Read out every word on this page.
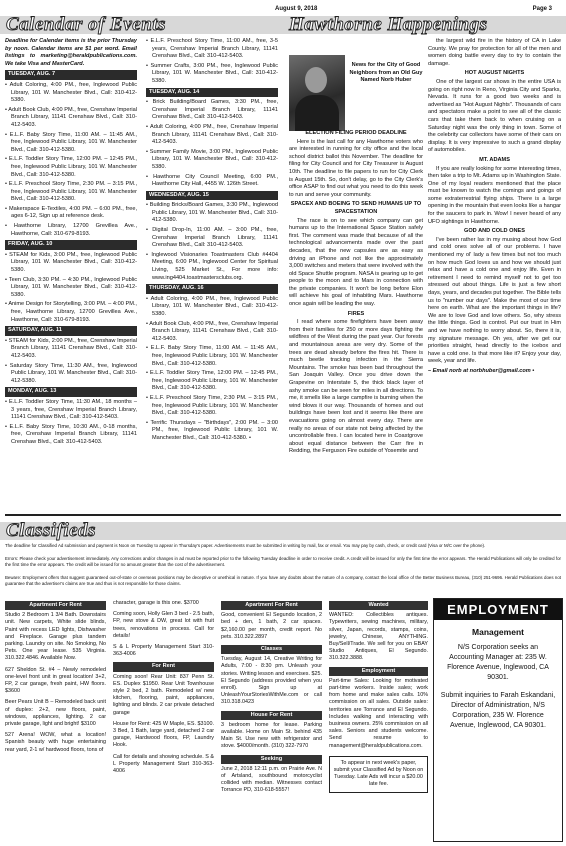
August 9, 2018	Page 3
Calendar of Events	Hawthorne Happenings

Deadline for Calendar items is the prior Thursday by noon. Calendar items are $1 per word. Email listings to marketing@heraldpublications.com. We take Visa and MasterCard.

TUESDAY, AUG. 7

• Adult Coloring, 4:00 PM., free, Inglewood Public Library, 101 W. Manchester Blvd., Call: 310-412-5380.

• Adult Book Club, 4:00 PM., free, Crenshaw Imperial Branch Library, 11141 Crenshaw Blvd., Call: 310-412-5403.

• E.L.F. Baby Story Time, 11:00 AM. – 11:45 AM., free, Inglewood Public Library, 101 W. Manchester Blvd., Call: 310-412-5380.

• E.L.F. Toddler Story Time, 12:00 PM. – 12:45 PM., free, Inglewood Public Library, 101 W. Manchester Blvd., Call: 310-412-5380.

• E.L.F. Preschool Story Time, 2:30 PM. – 3:15 PM., free, Inglewood Public Library, 101 W. Manchester Blvd., Call: 310-412-5380.

• Makerspace E-Textiles, 4:00 PM. – 6:00 PM., free, ages 6-12, Sign up at reference desk.

• Hawthorne Library, 12700 Grevillea Ave., Hawthorne, Call: 310-679-8193.

FRIDAY, AUG. 10

• STEAM for Kids, 3:00 PM., free, Inglewood Public Library, 101 W. Manchester Blvd., Call: 310-412-5380.

• Teen Club, 3:30 PM. – 4:30 PM., Inglewood Public Library, 101 W. Manchester Blvd., Call: 310-412-5380.

• Anime Design for Storytelling, 3:00 PM. – 4:00 PM., free, Hawthorne Library, 12700 Grevillea Ave., Hawthorne, Call: 310-679-8193.

SATURDAY, AUG. 11

• STEAM for Kids, 2:00 PM., free, Crenshaw Imperial Branch Library, 11141 Crenshaw Blvd., Call: 310-412-5403.

• Saturday Story Time, 11:30 AM., free, Inglewood Public Library, 101 W. Manchester Blvd., Call: 310-412-5380.

MONDAY, AUG. 13

• E.L.F. Toddler Story Time, 11:30 AM., 18 months – 3 years, free, Crenshaw Imperial Branch Library, 11141 Crenshaw Blvd., Call: 310-412-5403.

• E.L.F. Baby Story Time, 10:30 AM., 0-18 months, free, Crenshaw Imperial Branch Library, 11141 Crenshaw Blvd., Call: 310-412-5403.

• E.L.F. Preschool Story Time, 11:00 AM., free, 3-5 years, Crenshaw Imperial Branch Library, 11141 Crenshaw Blvd., Call: 310-412-5403.

• Summer Crafts, 3:00 PM., free, Inglewood Public Library, 101 W. Manchester Blvd., Call: 310-412-5380.

TUESDAY, AUG. 14

• Brick Building/Board Games, 3:30 PM., free, Crenshaw Imperial Branch Library, 11141 Crenshaw Blvd., Call: 310-412-5403.

• Adult Coloring, 4:00 PM., free, Crenshaw Imperial Branch Library, 11141 Crenshaw Blvd., Call: 310-412-5403.

• Summer Family Movie, 3:00 PM., Inglewood Public Library, 101 W. Manchester Blvd., Call: 310-412-5380.

• Hawthorne City Council Meeting, 6:00 PM., Hawthorne City Hall, 4455 W. 126th Street.

WEDNESDAY, AUG. 15

• Building Bricks/Board Games, 3:30 PM., Inglewood Public Library, 101 W. Manchester Blvd., Call: 310-412-5380.

• Digital Drop-In, 11:00 AM. – 3:00 PM., free, Crenshaw Imperial Branch Library, 11141 Crenshaw Blvd., Call: 310-412-5403.

• Inglewood Visionaries Toastmasters Club #4404 Meeting, 6:00 PM., Inglewood Center for Spiritual Living, 525 Market St., For more info: www.ing4404.toastmastersclubs.org.

THURSDAY, AUG. 16

• Adult Coloring, 4:00 PM., free, Inglewood Public Library, 101 W. Manchester Blvd., Call: 310-412-5380.

• Adult Book Club, 4:00 PM., free, Crenshaw Imperial Branch Library, 11141 Crenshaw Blvd., Call: 310-412-5403.

• E.L.F. Baby Story Time, 11:00 AM. – 11:45 AM., free, Inglewood Public Library, 101 W. Manchester Blvd., Call: 310-412-5380.

• E.L.F. Toddler Story Time, 12:00 PM. – 12:45 PM., free, Inglewood Public Library, 101 W. Manchester Blvd., Call: 310-412-5380.

• E.L.F. Preschool Story Time, 2:30 PM. – 3:15 PM., free, Inglewood Public Library, 101 W. Manchester Blvd., Call: 310-412-5380.

• Terrific Thursdays – "Birthdays", 2:00 PM. – 3:00 PM., free, Inglewood Public Library, 101 W. Manchester Blvd., Call: 310-412-5380. •

News for the City of Good Neighbors from an Old Guy Named Norb Huber

ELECTION FILING PERIOD DEADLINE

Here is the last call for any Hawthorne voters who are interested in running for city office and the local school district ballot this November. The deadline for filing for City Council and for City Treasurer is August 10th. The deadline to file papers to run for City Clerk is August 15th. So, don't delay, go to the City Clerk's office ASAP to find out what you need to do this week to run and serve your community.

SPACEX AND BOEING TO SEND HUMANS UP TO SPACESTATION

The race is on to see which company can get humans up to the International Space Station safely first. The comment was made that because of all the technological advancements made over the past decades, that the new capsules are as easy as driving an iPhone and not like the approximately 3,000 switches and meters that were involved with the old Space Shuttle program. NASA is gearing up to get people to the moon and to Mars in connection with the private companies. It won't be long before Elon will achieve his goal of inhabiting Mars. Hawthorne once again will be leading the way.

FIRES

I read where some firefighters have been away from their families for 250 or more days fighting the wildfires of the West during the past year. Our forests and mountainous areas are very dry. Some of the trees are dead already before the fires hit. There is much beetle tracking infection in the Sierra Mountains. The smoke has been bad throughout the San Joaquin Valley. Once you drive down the Grapevine on Interstate 5, the thick black layer of ashy smoke can be seen for miles in all directions. To me, it smells like a large campfire is burning when the wind blows it our way. Thousands of homes and out buildings have been lost and it seems like there are evacuations going on almost every day. There are really no areas of our state not being affected by the uncontrollable fires. I can located here in Coastgrove about equal distance between the Carr fire in Redding, the Ferguson Fire outside of Yosemite and

the largest wild fire in the history of CA in Lake County. We pray for protection for all of the men and women doing battle every day to try to contain the damage.

HOT AUGUST NIGHTS

One of the largest car shows in the entire USA is going on right now in Reno, Virginia City and Sparks, Nevada. It runs for a good two weeks and is advertised as "Hot August Nights". Thousands of cars and spectators make a point to see all of the classic cars that take them back to when cruising on a Saturday night was the only thing in town. Some of the celebrity car collectors have some of their cars on display. It is very impressive to such a grand display of automobiles.

MT. ADAMS

If you are really looking for some interesting times, then take a trip to Mt. Adams up in Washington State. One of my loyal readers mentioned that the place must be known to watch the comings and goings of some extraterrestrial flying ships. There is a large opening in the mountain that even looks like a hangar for the saucers to park in. Wow! I never heard of any UFO sightings in Hawthorne.

GOD AND COLD ONES

I've been rather lax in my musing about how God and cold ones solve all of our problems. I have mentioned my ol' lady a few times but not too much on how much God loves us and how we should just relax and have a cold one and enjoy life. Even in retirement I need to remind myself not to get too stressed out about things. Life is just a few short days, years, and decades put together. The Bible tells us to "number our days". Make the most of our time here on earth. What are the important things in life? We are to love God and love others. So, why stress the little things. God is control. Put our trust in Him and we have nothing to worry about. So, there it is, my signature message. Oh yes, after we get our priorities straight, head directly to the icebox and have a cold one. Is that more like it? Enjoy your day, week, year and life.

– Email norb at norbhuber@gmail.com •

Classifieds
The deadline for Classified Ad submission and payment is Noon on Tuesday to appear in Thursday's paper. Advertisements must be submitted in writing by mail, fax or email. You may pay by cash, check, or credit card (Visa or M/C over the phone).
Errors: Please check your advertisement immediately. Any corrections and/or changes in ad must be reported prior to the following Tuesday deadline in order to receive credit. A credit will be issued for only the first time the error appears. The Herald Publications will only be credited for the first time the error appears. The credit will be issued for no amount greater than the cost of the advertisement.
Beware: Employment offers that suggest guaranteed out-of-state or overseas positions may be deceptive or unethical in nature. If you have any doubts about the nature of a company, contact the local office of the Better Business Bureau, (310) 251-9696. Herald Publications does not guarantee that the advertiser's claims are true and thus is not responsible for those claims.
Apartment For Rent

Studio 2 Bedroom 1 3/4 Bath. Downstairs unit. New carpets, White slide blinds, Paint with recess LED lights, Dishwasher and Fireplace. Garage plus tandem parking. Laundry on site. No Smoking, No Pets. One year lease. 535 Virginia. 310.322.4846. Available Now.

627 Sheldon St. #4 – Newly remodeled one-level front unit in great location! 3+2, FP, 2 car garage, fresh paint, HW floors. $3600

Beer Pears Unit B – Remodeled back unit of duplex: 2+2, new floors, paint, windows, appliances, lighting. 2 car private garage, light and bright! $3100

527 Arena! WOW, what a location! Spanish beauty with huge entertaining rear yard, 2-1 w/ hardwood floors, tons of

character, garage is this one. $3700

Coming soon, Holly Glen 3 bed - 2.5 bath, FP, new stove & DW, great lot with fruit trees, renovations in process. Call for details!

S & L Property Management Start 310-363-4006

For Rent

Coming soon! Rear Unit: 837 Penn St. ES. Duplex $1950. Rear Unit Townhouse style 2 bed, 2 bath. Remodeled w/ new kitchen, flooring, paint, appliances, lighting and blinds. 2 car private detached garage

House for Rent: 425 W Maple, ES. $3100. 3 Bed, 1 Bath, large yard, detached 2 car garage, Hardwood floors, FP, Laundry Hook.

Call for details and showing schedule. S & L Property Management Start 310-363-4006

Apartment For Rent

Good, convenient El Segundo location, 2 bed + den, 1 bath, 2 car spaces. $2,160.00 per month, credit report. No pets. 310.322.2897

Classes

Tuesday, August 14, Creative Writing for Adults, 7:00 - 8:30 pm. Unleash your stories. Writing lesson and exercises. $25. El Segundo (address provided when you enroll). Sign up at UnleashYourStoriesWithMe.com or call 310.318.0423

House For Rent

3 bedroom home for lease. Parking available. Home on Main St. behind 435 Main St. Use new with refrigerator and stove. $4000/month. (310) 322-7970

Seeking

June 2, 2018 12:11 p.m. on Prairie Ave. N of Artsland, southbound motorcyclist collided with median. Witnesses contact Torrance PD, 310-618-5557!

Wanted

WANTED: Collectibles antiques. Typewriters, sewing machines, military, silver, Japan, records, stamps, coins, jewelry, Chinese, ANYTHING. Buy/Sell/Trade. We sell for you on EBAY Studio Antiques, El Segundo. 310.322.3888.

Employment

Part-time Sales: Looking for motivated part-time workers. Inside sales; work from home and make sales calls. 10% commission on all sales. Outside sales: territories are Torrance and El Segundo. Includes walking and interacting with business owners. 25% commission on all sales. Seniors and students welcome. Send resume to management@heraldpublications.com.

To appear in next week's paper, submit your Classified Ad by Noon on Tuesday. Late Ads will incur a $20.00 late fee.
EMPLOYMENT
Management
N/S Corporation seeks an Accounting Manager at: 235 W. Florence Avenue, Inglewood, CA 90301.
Submit inquiries to Farah Eskandani, Director of Administration, N/S Corporation, 235 W. Florence Avenue, Inglewood, CA 90301.
